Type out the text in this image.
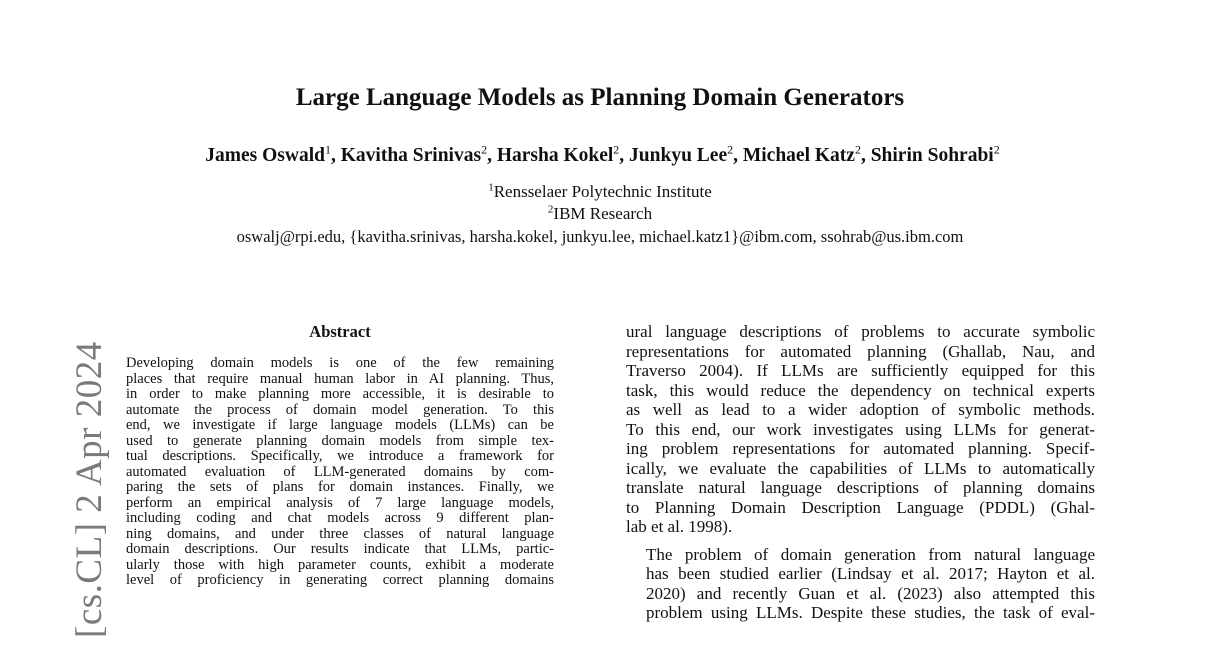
[cs.CL] 2 Apr 2024
Large Language Models as Planning Domain Generators
James Oswald$^1$, Kavitha Srinivas$^2$, Harsha Kokel$^2$, Junkyu Lee$^2$, Michael Katz$^2$, Shirin Sohrabi$^2$
$^1$Rensselaer Polytechnic Institute
$^2$IBM Research
oswalj@rpi.edu, {kavitha.srinivas, harsha.kokel, junkyu.lee, michael.katz1}@ibm.com, ssohrab@us.ibm.com
Abstract
Developing domain models is one of the few remaining
places that require manual human labor in AI planning. Thus,
in order to make planning more accessible, it is desirable to
automate the process of domain model generation. To this
end, we investigate if large language models (LLMs) can be
used to generate planning domain models from simple tex-
tual descriptions. Specifically, we introduce a framework for
automated evaluation of LLM-generated domains by com-
paring the sets of plans for domain instances. Finally, we
perform an empirical analysis of 7 large language models,
including coding and chat models across 9 different plan-
ning domains, and under three classes of natural language
domain descriptions. Our results indicate that LLMs, partic-
ularly those with high parameter counts, exhibit a moderate
level of proficiency in generating correct planning domains

ural language descriptions of problems to accurate symbolic
representations for automated planning (Ghallab, Nau, and
Traverso 2004). If LLMs are sufficiently equipped for this
task, this would reduce the dependency on technical experts
as well as lead to a wider adoption of symbolic methods.
To this end, our work investigates using LLMs for generat-
ing problem representations for automated planning. Specif-
ically, we evaluate the capabilities of LLMs to automatically
translate natural language descriptions of planning domains
to Planning Domain Description Language (PDDL) (Ghal-
lab et al. 1998).

The problem of domain generation from natural language
has been studied earlier (Lindsay et al. 2017; Hayton et al.
2020) and recently Guan et al. (2023) also attempted this
problem using LLMs. Despite these studies, the task of eval-
